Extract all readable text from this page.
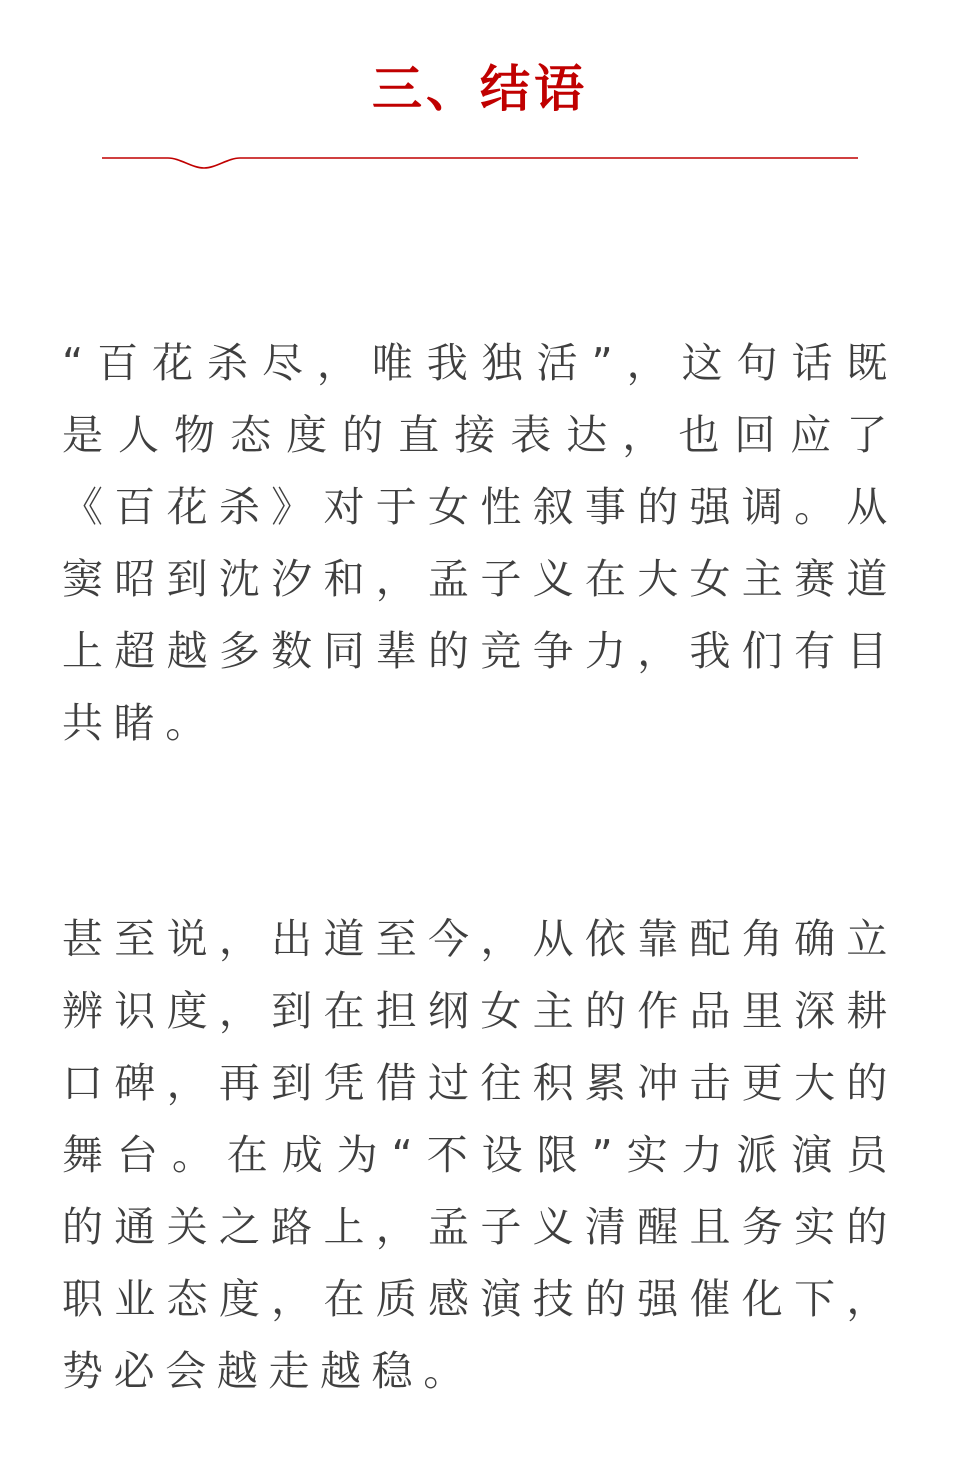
三、结语

“百花杀尽，唯我独活”，这句话既是人物态度的直接表达，也回应了《百花杀》对于女性叙事的强调。从窦昭到沈汐和，孟子义在大女主赛道上超越多数同辈的竞争力，我们有目共睹。

甚至说，出道至今，从依靠配角确立辨识度，到在担纲女主的作品里深耕口碑，再到凭借过往积累冲击更大的舞台。在成为“不设限”实力派演员的通关之路上，孟子义清醒且务实的职业态度，在质感演技的强催化下，势必会越走越稳。
